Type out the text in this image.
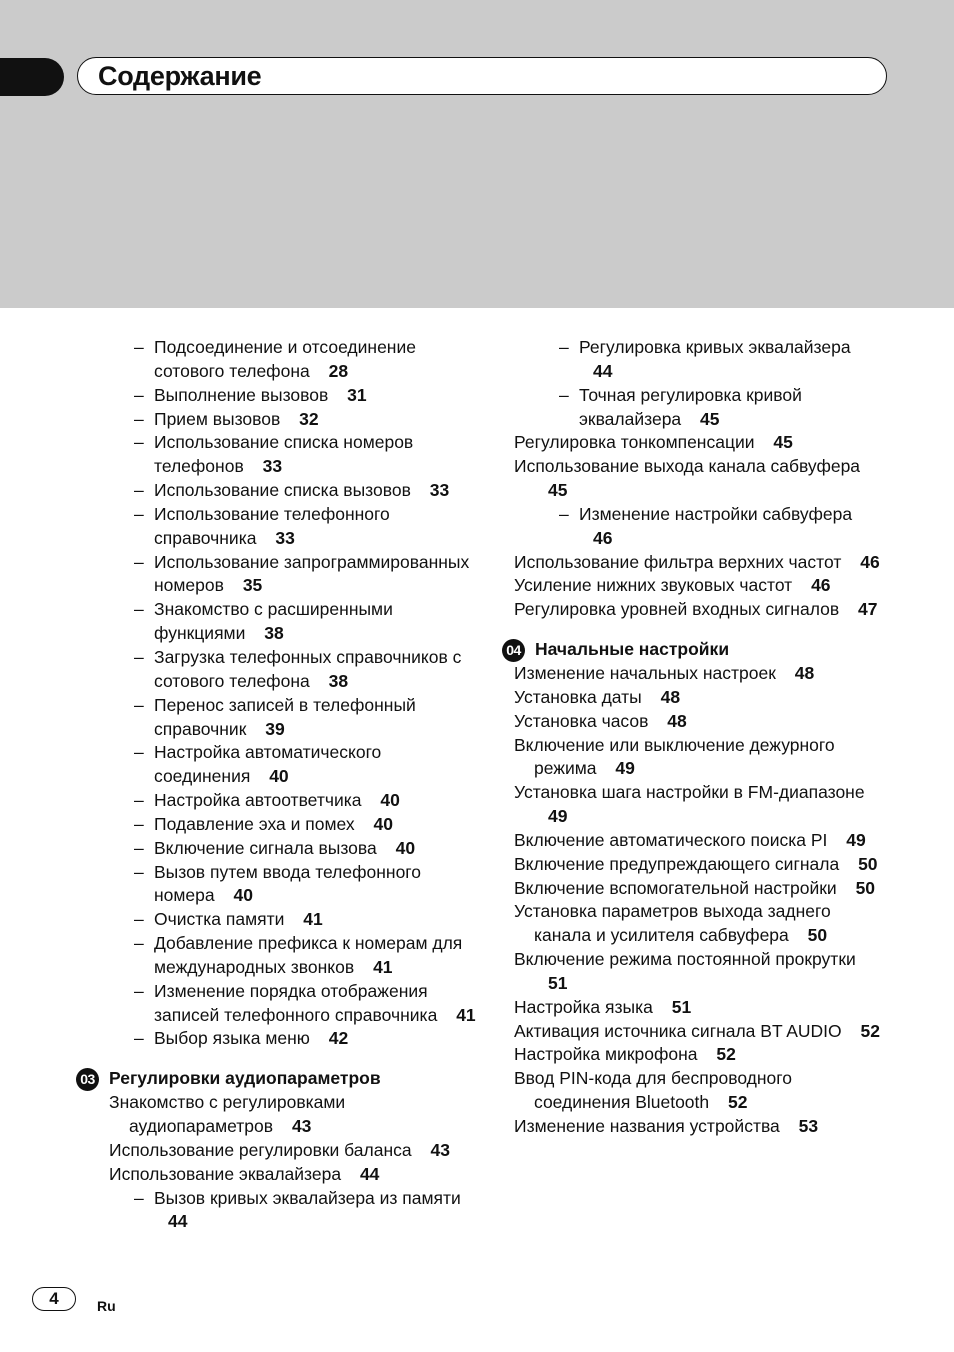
Содержание
– Подсоединение и отсоединение сотового телефона 28
– Выполнение вызовов 31
– Прием вызовов 32
– Использование списка номеров телефонов 33
– Использование списка вызовов 33
– Использование телефонного справочника 33
– Использование запрограммированных номеров 35
– Знакомство с расширенными функциями 38
– Загрузка телефонных справочников с сотового телефона 38
– Перенос записей в телефонный справочник 39
– Настройка автоматического соединения 40
– Настройка автоответчика 40
– Подавление эха и помех 40
– Включение сигнала вызова 40
– Вызов путем ввода телефонного номера 40
– Очистка памяти 41
– Добавление префикса к номерам для международных звонков 41
– Изменение порядка отображения записей телефонного справочника 41
– Выбор языка меню 42
03 Регулировки аудиопараметров
Знакомство с регулировками аудиопараметров 43
Использование регулировки баланса 43
Использование эквалайзера 44
– Вызов кривых эквалайзера из памяти 44
– Регулировка кривых эквалайзера 44
– Точная регулировка кривой эквалайзера 45
Регулировка тонкомпенсации 45
Использование выхода канала сабвуфера 45
– Изменение настройки сабвуфера 46
Использование фильтра верхних частот 46
Усиление нижних звуковых частот 46
Регулировка уровней входных сигналов 47
04 Начальные настройки
Изменение начальных настроек 48
Установка даты 48
Установка часов 48
Включение или выключение дежурного режима 49
Установка шага настройки в FM-диапазоне 49
Включение автоматического поиска PI 49
Включение предупреждающего сигнала 50
Включение вспомогательной настройки 50
Установка параметров выхода заднего канала и усилителя сабвуфера 50
Включение режима постоянной прокрутки 51
Настройка языка 51
Активация источника сигнала BT AUDIO 52
Настройка микрофона 52
Ввод PIN-кода для беспроводного соединения Bluetooth 52
Изменение названия устройства 53
4	Ru
